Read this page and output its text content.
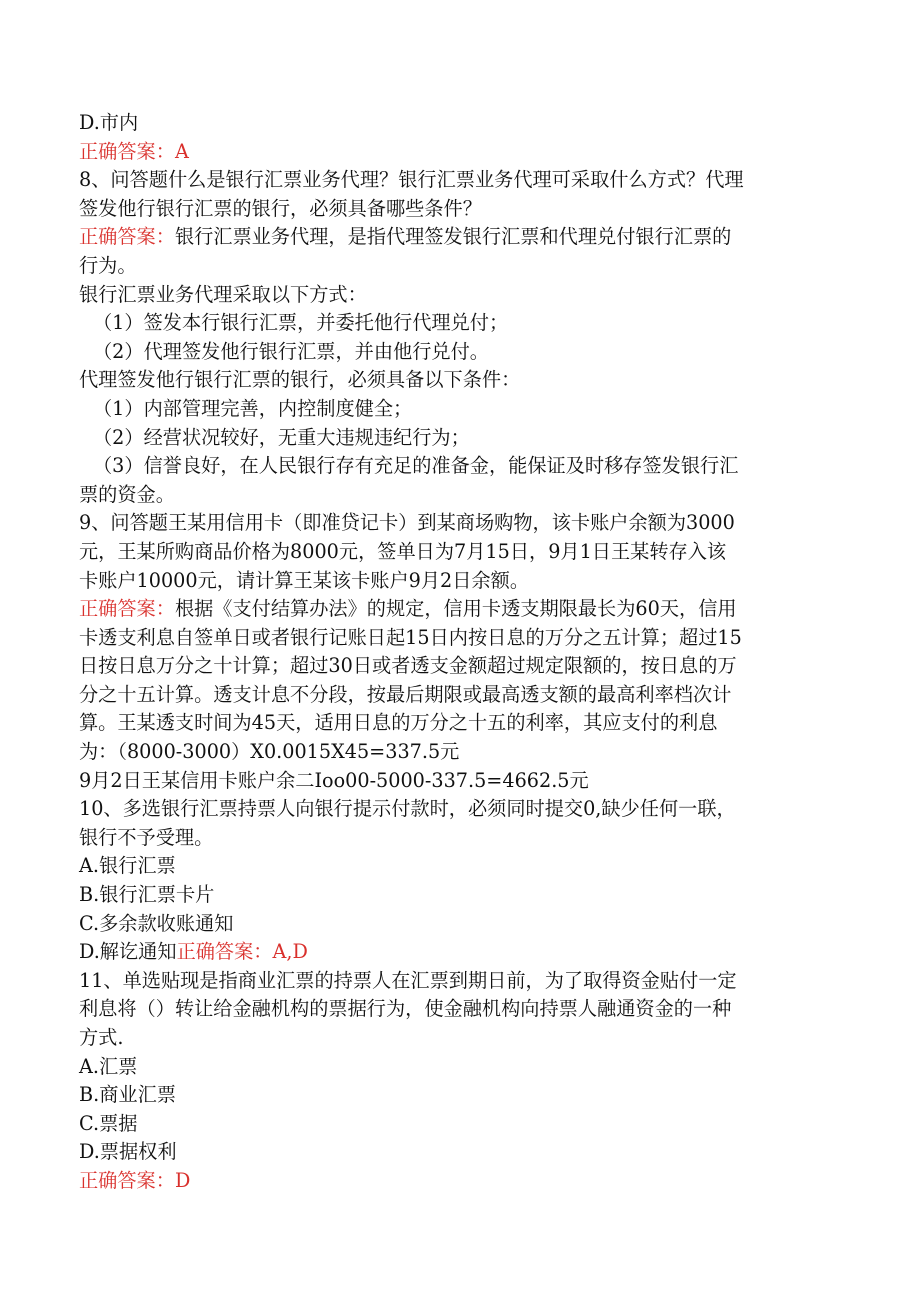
D.市内
正确答案：A
8、问答题什么是银行汇票业务代理？银行汇票业务代理可采取什么方式？代理
签发他行银行汇票的银行，必须具备哪些条件？
正确答案：银行汇票业务代理，是指代理签发银行汇票和代理兑付银行汇票的
行为。
银行汇票业务代理采取以下方式：
（1）签发本行银行汇票，并委托他行代理兑付；
（2）代理签发他行银行汇票，并由他行兑付。
代理签发他行银行汇票的银行，必须具备以下条件：
（1）内部管理完善，内控制度健全；
（2）经营状况较好，无重大违规违纪行为；
（3）信誉良好，在人民银行存有充足的准备金，能保证及时移存签发银行汇
票的资金。
9、问答题王某用信用卡（即准贷记卡）到某商场购物，该卡账户余额为3000
元，王某所购商品价格为8000元，签单日为7月15日，9月1日王某转存入该
卡账户10000元，请计算王某该卡账户9月2日余额。
正确答案：根据《支付结算办法》的规定，信用卡透支期限最长为60天，信用
卡透支利息自签单日或者银行记账日起15日内按日息的万分之五计算；超过15
日按日息万分之十计算；超过30日或者透支金额超过规定限额的，按日息的万
分之十五计算。透支计息不分段，按最后期限或最高透支额的最高利率档次计
算。王某透支时间为45天，适用日息的万分之十五的利率，其应支付的利息
为：（8000-3000）X0.0015X45=337.5元
9月2日王某信用卡账户余二Ioo00-5000-337.5=4662.5元
10、多选银行汇票持票人向银行提示付款时，必须同时提交0,缺少任何一联，
银行不予受理。
A.银行汇票
B.银行汇票卡片
C.多余款收账通知
D.解讫通知正确答案：A,D
11、单选贴现是指商业汇票的持票人在汇票到期日前，为了取得资金贴付一定
利息将（）转让给金融机构的票据行为，使金融机构向持票人融通资金的一种
方式.
A.汇票
B.商业汇票
C.票据
D.票据权利
正确答案：D
